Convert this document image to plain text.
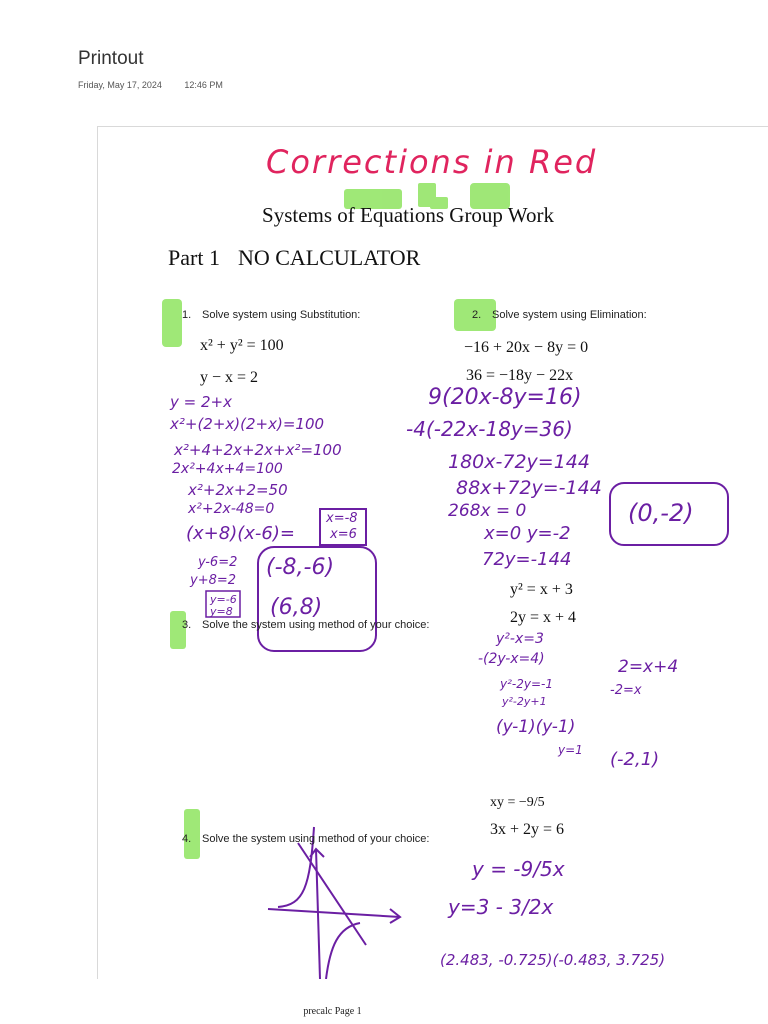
Printout
Friday, May 17, 2024	12:46 PM
Corrections in Red
Systems of Equations Group Work
Part 1 NO CALCULATOR
1. Solve system using Substitution:
x² + y² = 100
y − x = 2
y = 2+x
x²+(2+x)(2+x)=100
x²+4+2x+2x+x²=100
2x²+4x+4=100
x²+2x+2=50
x²+2x-48=0
(x+8)(x-6)=
x=-8
x=6
y-6=2
y+8=2
y=-6
y=8
(-8,-6)
(6,8)
2. Solve system using Elimination:
−16 + 20x − 8y = 0
36 = −18y − 22x
9(20x-8y=16)
-4(-22x-18y=36)
180x-72y=144
88x+72y=-144
268x = 0
x=0 y=-2
(0,-2)
72y=-144
3. Solve the system using method of your choice:
y² = x + 3
2y = x + 4
y²-x=3
-(2y-x=4)
y²-2y=-1
y²-2y+1
(y-1)(y-1)
y=1 (-2,1)
2=x+4
-2=x
4. Solve the system using method of your choice:
xy = −9/5
3x + 2y = 6
y = -9/5x
y=3 - 3/2x
(2.483, -0.725)(-0.483, 3.725)
precalc Page 1
